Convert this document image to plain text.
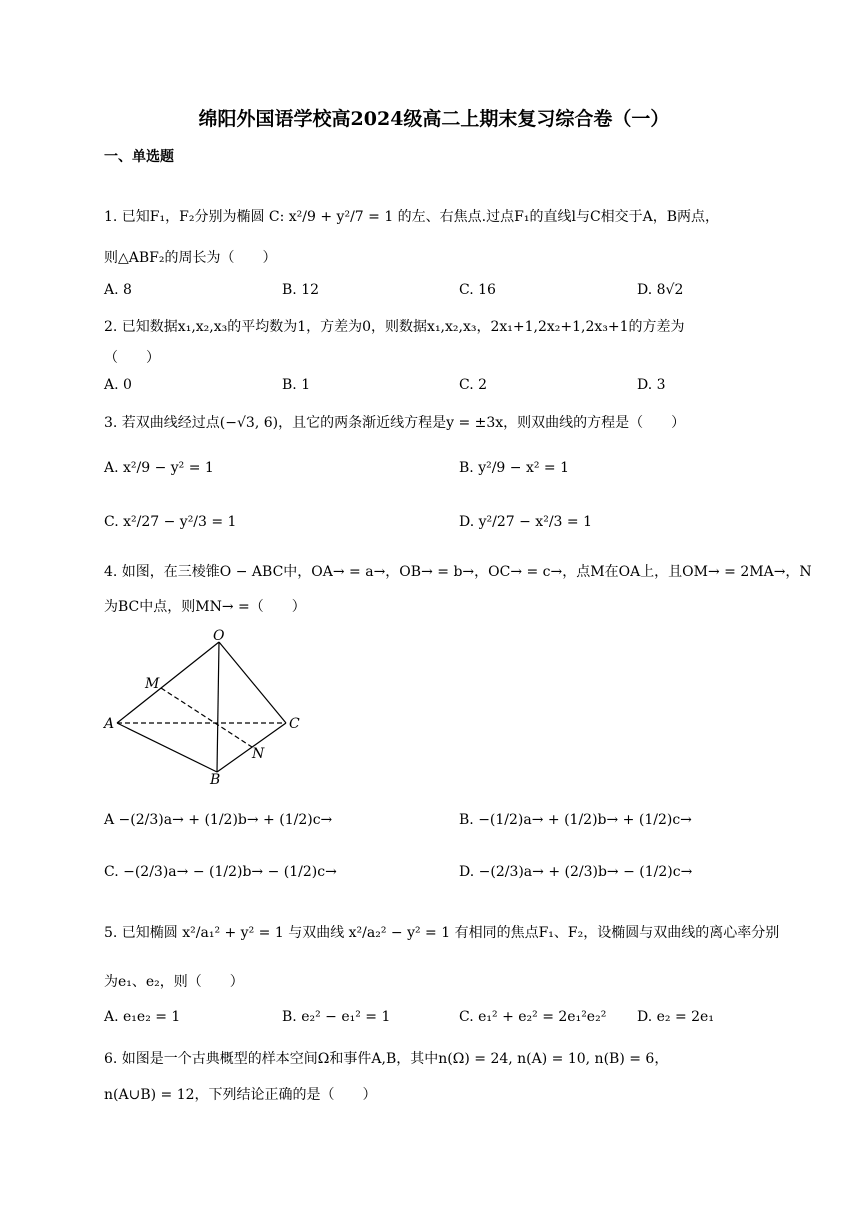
绵阳外国语学校高2024级高二上期末复习综合卷（一）
一、单选题
1. 已知F₁，F₂分别为椭圆 C: x²/9 + y²/7 = 1 的左、右焦点.过点F₁的直线l与C相交于A，B两点，
则△ABF₂的周长为（　　）
A. 8	B. 12	C. 16	D. 8√2
2. 已知数据x₁,x₂,x₃的平均数为1，方差为0，则数据x₁,x₂,x₃，2x₁+1,2x₂+1,2x₃+1的方差为
（　　）
A. 0	B. 1	C. 2	D. 3
3. 若双曲线经过点(−√3, 6)，且它的两条渐近线方程是y = ±3x，则双曲线的方程是（　　）
A. x²/9 − y² = 1	B. y²/9 − x² = 1
C. x²/27 − y²/3 = 1	D. y²/27 − x²/3 = 1
4. 如图，在三棱锥O − ABC中，OA→ = a→，OB→ = b→，OC→ = c→，点M在OA上，且OM→ = 2MA→，N
为BC中点，则MN→ =（　　）
O
M
A	C
N
B
A −(2/3)a→ + (1/2)b→ + (1/2)c→	B. −(1/2)a→ + (1/2)b→ + (1/2)c→
C. −(2/3)a→ − (1/2)b→ − (1/2)c→	D. −(2/3)a→ + (2/3)b→ − (1/2)c→
5. 已知椭圆 x²/a₁² + y² = 1 与双曲线 x²/a₂² − y² = 1 有相同的焦点F₁、F₂，设椭圆与双曲线的离心率分别
为e₁、e₂，则（　　）
A. e₁e₂ = 1	B. e₂² − e₁² = 1	C. e₁² + e₂² = 2e₁²e₂² D. e₂ = 2e₁
6. 如图是一个古典概型的样本空间Ω和事件A,B，其中n(Ω) = 24, n(A) = 10, n(B) = 6，
n(A∪B) = 12，下列结论正确的是（　　）
